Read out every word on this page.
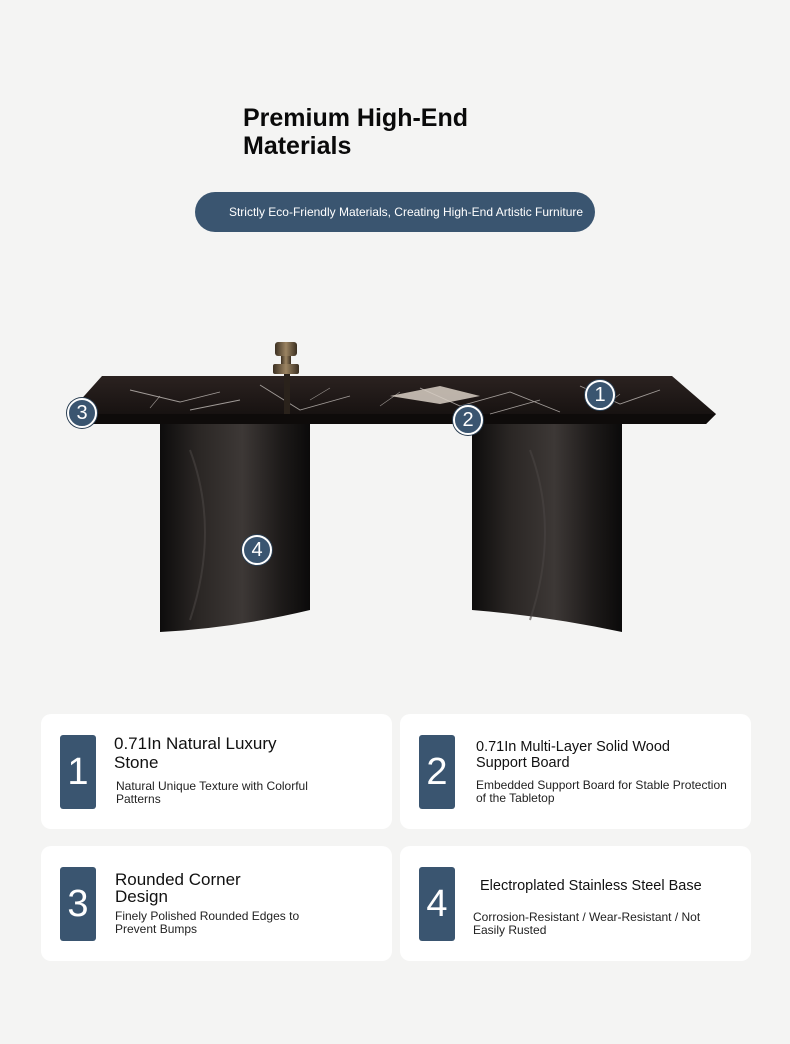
Premium High-End Materials
Strictly Eco-Friendly Materials, Creating High-End Artistic Furniture
1
2
3
4
1
0.71In Natural Luxury Stone
Natural Unique Texture with Colorful Patterns
2
0.71In Multi-Layer Solid Wood Support Board
Embedded Support Board for Stable Protection of the Tabletop
3
Rounded Corner Design
Finely Polished Rounded Edges to Prevent Bumps
4	Electroplated Stainless Steel Base
Corrosion-Resistant / Wear-Resistant / Not Easily Rusted
